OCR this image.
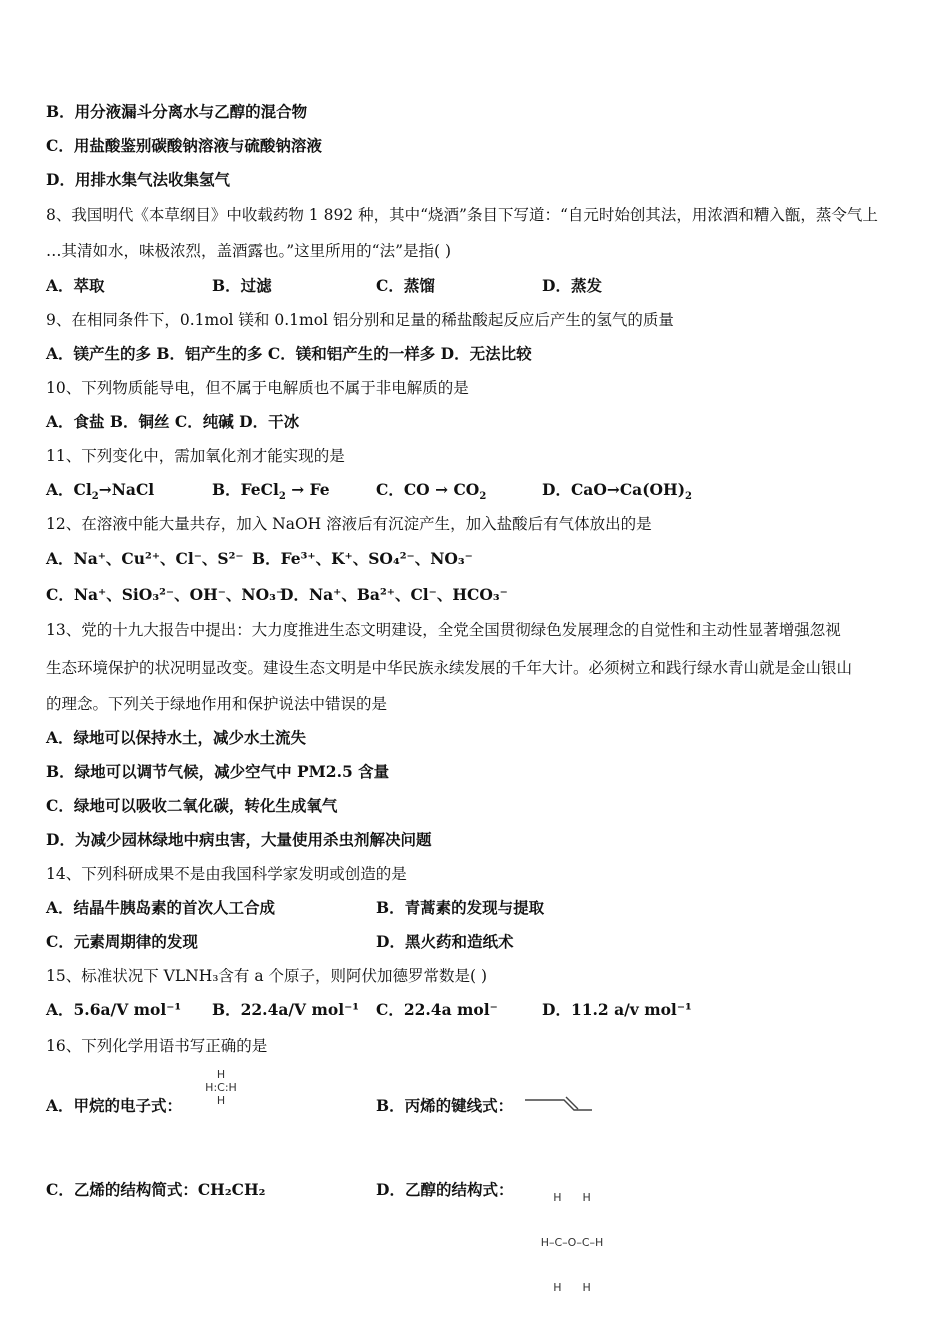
B．用分液漏斗分离水与乙醇的混合物
C．用盐酸鉴别碳酸钠溶液与硫酸钠溶液
D．用排水集气法收集氢气
8、我国明代《本草纲目》中收载药物 1 892 种，其中“烧酒”条目下写道：“自元时始创其法，用浓酒和糟入甑，蒸令气上
…其清如水，味极浓烈，盖酒露也。”这里所用的“法”是指( )
A．萃取	B．过滤	C．蒸馏	D．蒸发
9、在相同条件下，0.1mol 镁和 0.1mol 铝分别和足量的稀盐酸起反应后产生的氢气的质量
A．镁产生的多 B．铝产生的多 C．镁和铝产生的一样多 D．无法比较
10、下列物质能导电，但不属于电解质也不属于非电解质的是
A．食盐 B．铜丝 C．纯碱 D．干冰
11、下列变化中，需加氧化剂才能实现的是
A．$Cl_2\to NaCl$	B．FeCl$_2$ → Fe	C．CO → $CO_2$	D．$CaO\to Ca(OH)_2$
12、在溶液中能大量共存，加入 NaOH 溶液后有沉淀产生，加入盐酸后有气体放出的是
A．Na⁺、Cu²⁺、Cl⁻、S²⁻ B．Fe³⁺、K⁺、SO₄²⁻、NO₃⁻
C．Na⁺、SiO₃²⁻、OH⁻、NO₃⁻
D．Na⁺、Ba²⁺、Cl⁻、HCO₃⁻
13、党的十九大报告中提出：大力度推进生态文明建设，全党全国贯彻绿色发展理念的自觉性和主动性显著增强忽视
生态环境保护的状况明显改变。建设生态文明是中华民族永续发展的千年大计。必须树立和践行绿水青山就是金山银山
的理念。下列关于绿地作用和保护说法中错误的是
A．绿地可以保持水土，减少水土流失
B．绿地可以调节气候，减少空气中 PM2.5 含量
C．绿地可以吸收二氧化碳，转化生成氧气
D．为减少园林绿地中病虫害，大量使用杀虫剂解决问题
14、下列科研成果不是由我国科学家发明或创造的是
A．结晶牛胰岛素的首次人工合成	B．青蒿素的发现与提取
C．元素周期律的发现	D．黑火药和造纸术
15、标准状况下 VLNH₃含有 a 个原子，则阿伏加德罗常数是( )
A．5.6a/V mol⁻¹ B．22.4a/V mol⁻¹ C．22.4a mol⁻	D．11.2 a/v mol⁻¹
16、下列化学用语书写正确的是
A．甲烷的电子式：
H
H:C:H
H	B．丙烯的键线式：
C．乙烯的结构简式：CH₂CH₂	D．乙醇的结构式：

	H      H

H–C–O–C–H

H      H
